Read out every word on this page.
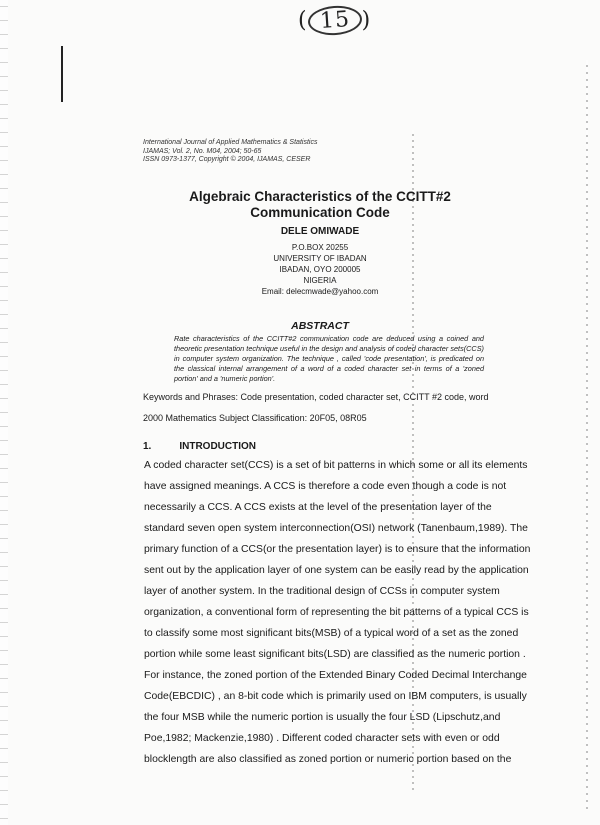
( 15 )
International Journal of Applied Mathematics & Statistics
IJAMAS; Vol. 2, No. M04, 2004; 50-65
ISSN 0973-1377, Copyright © 2004, IJAMAS, CESER
Algebraic Characteristics of the CCITT#2
Communication Code
DELE OMIWADE
P.O.BOX 20255
UNIVERSITY OF IBADAN
IBADAN, OYO 200005
NIGERIA
Email: delecmwade@yahoo.com
ABSTRACT
Rate characteristics of the CCITT#2 communication code are deduced using a coined and theoretic presentation technique useful in the design and analysis of coded character sets(CCS) in computer system organization. The technique , called 'code presentation', is predicated on the classical internal arrangement of a word of a coded character set in terms of a 'zoned portion' and a 'numeric portion'.
Keywords and Phrases: Code presentation, coded character set, CCITT #2 code, word
2000 Mathematics Subject Classification: 20F05, 08R05
1.	INTRODUCTION
A coded character set(CCS) is a set of bit patterns in which some or all its elements
have assigned meanings. A CCS is therefore a code even though a code is not
necessarily a CCS. A CCS exists at the level of the presentation layer of the
standard seven open system interconnection(OSI) network (Tanenbaum,1989). The
primary function of a CCS(or the presentation layer) is to ensure that the information
sent out by the application layer of one system can be easily read by the application
layer of another system. In the traditional design of CCSs in computer system
organization, a conventional form of representing the bit patterns of a typical CCS is
to classify some most significant bits(MSB) of a typical word of a set as the zoned
portion while some least significant bits(LSD) are classified as the numeric portion .
For instance, the zoned portion of the Extended Binary Coded Decimal Interchange
Code(EBCDIC) , an 8-bit code which is primarily used on IBM computers, is usually
the four MSB while the numeric portion is usually the four LSD (Lipschutz,and
Poe,1982; Mackenzie,1980) . Different coded character sets with even or odd
blocklength are also classified as zoned portion or numeric portion based on the
